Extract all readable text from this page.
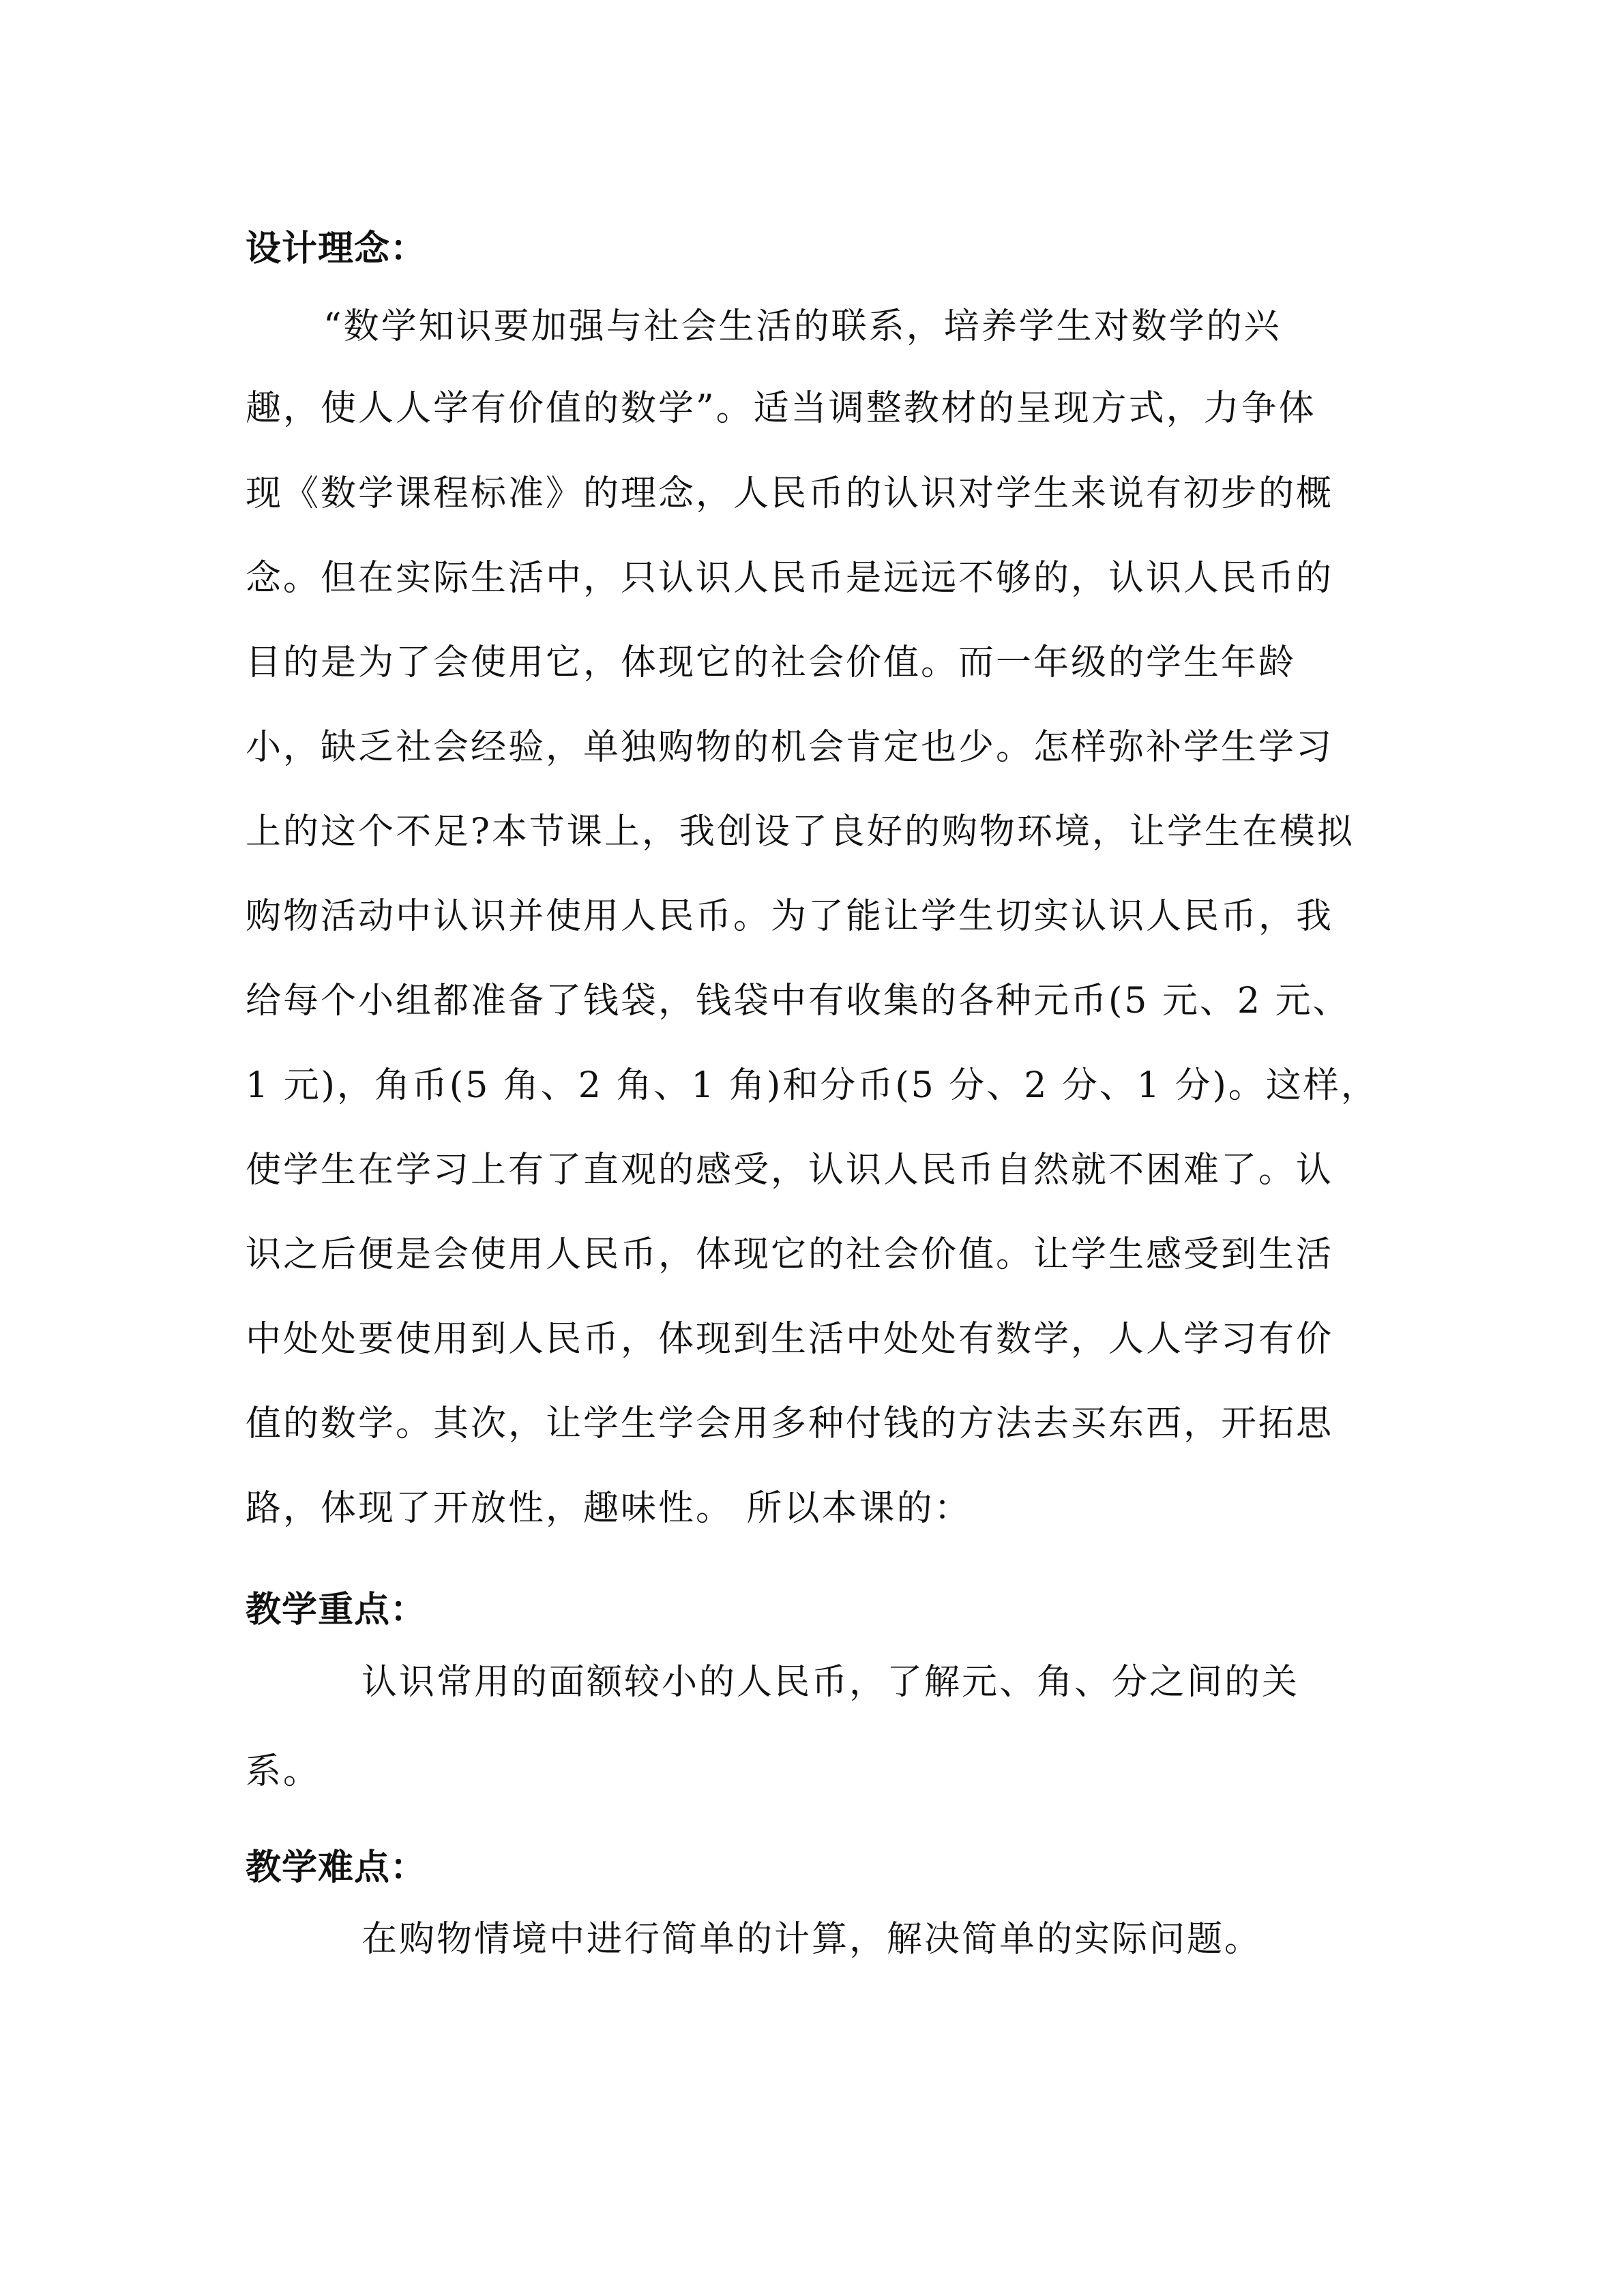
设计理念：

“数学知识要加强与社会生活的联系，培养学生对数学的兴

趣，使人人学有价值的数学”。适当调整教材的呈现方式，力争体

现《数学课程标准》的理念，人民币的认识对学生来说有初步的概

念。但在实际生活中，只认识人民币是远远不够的，认识人民币的

目的是为了会使用它，体现它的社会价值。而一年级的学生年龄

小，缺乏社会经验，单独购物的机会肯定也少。怎样弥补学生学习

上的这个不足?本节课上，我创设了良好的购物环境，让学生在模拟

购物活动中认识并使用人民币。为了能让学生切实认识人民币，我

给每个小组都准备了钱袋，钱袋中有收集的各种元币(5 元、2 元、

1 元)，角币(5 角、2 角、1 角)和分币(5 分、2 分、1 分)。这样，

使学生在学习上有了直观的感受，认识人民币自然就不困难了。认

识之后便是会使用人民币，体现它的社会价值。让学生感受到生活

中处处要使用到人民币，体现到生活中处处有数学，人人学习有价

值的数学。其次，让学生学会用多种付钱的方法去买东西，开拓思

路，体现了开放性，趣味性。 所以本课的：

教学重点：

认识常用的面额较小的人民币，了解元、角、分之间的关

系。

教学难点：

在购物情境中进行简单的计算，解决简单的实际问题。
